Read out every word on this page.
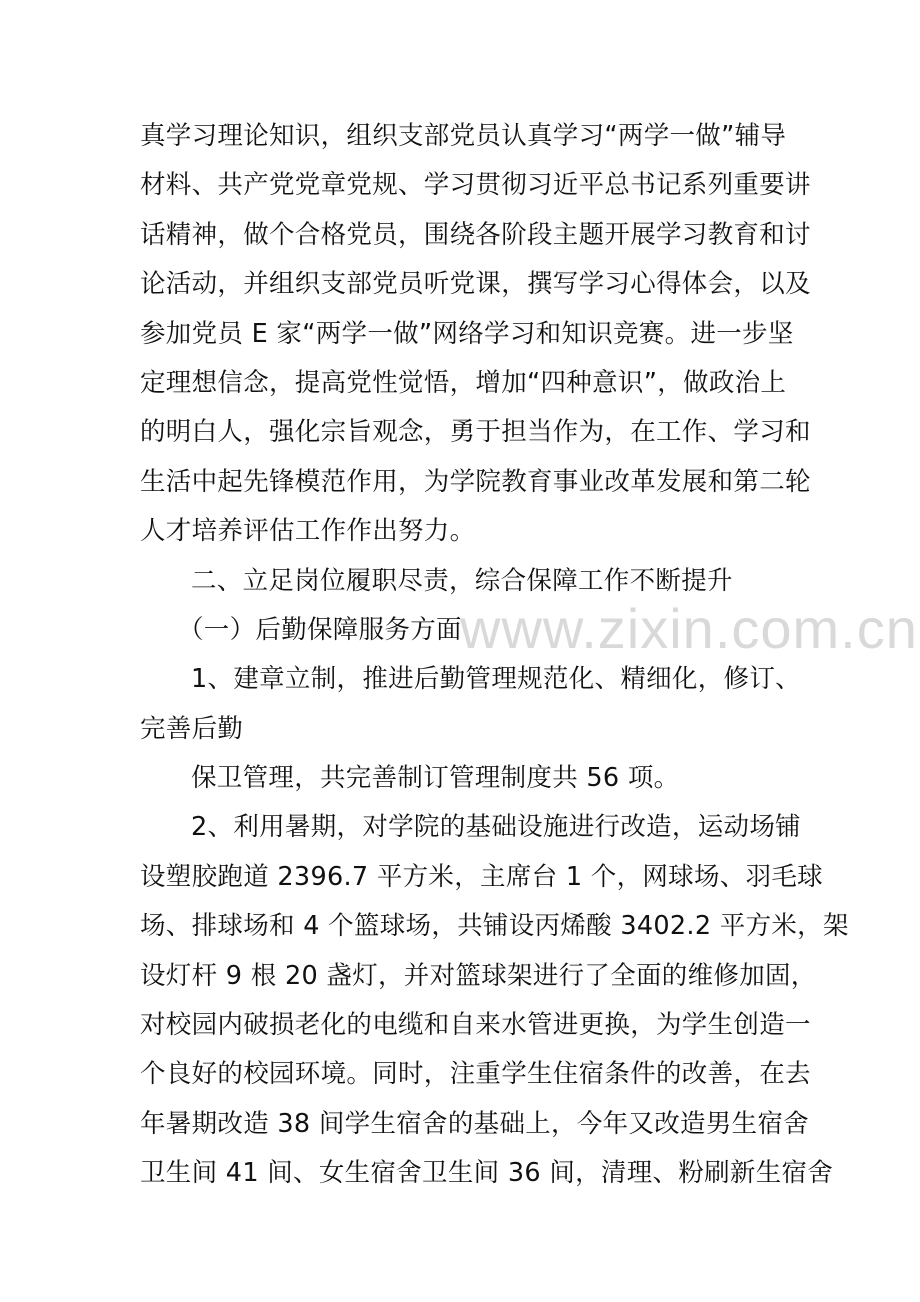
真学习理论知识，组织支部党员认真学习“两学一做”辅导
材料、共产党党章党规、学习贯彻习近平总书记系列重要讲
话精神，做个合格党员，围绕各阶段主题开展学习教育和讨
论活动，并组织支部党员听党课，撰写学习心得体会，以及
参加党员 E 家“两学一做”网络学习和知识竞赛。进一步坚
定理想信念，提高党性觉悟，增加“四种意识”，做政治上
的明白人，强化宗旨观念，勇于担当作为，在工作、学习和
生活中起先锋模范作用，为学院教育事业改革发展和第二轮
人才培养评估工作作出努力。
二、立足岗位履职尽责，综合保障工作不断提升
（一）后勤保障服务方面
1、建章立制，推进后勤管理规范化、精细化，修订、
完善后勤
保卫管理，共完善制订管理制度共 56 项。
2、利用暑期，对学院的基础设施进行改造，运动场铺
设塑胶跑道 2396.7 平方米，主席台 1 个，网球场、羽毛球
场、排球场和 4 个篮球场，共铺设丙烯酸 3402.2 平方米，架
设灯杆 9 根 20 盏灯，并对篮球架进行了全面的维修加固，
对校园内破损老化的电缆和自来水管进更换，为学生创造一
个良好的校园环境。同时，注重学生住宿条件的改善，在去
年暑期改造 38 间学生宿舍的基础上，今年又改造男生宿舍
卫生间 41 间、女生宿舍卫生间 36 间，清理、粉刷新生宿舍
www.zixin.com.cn
